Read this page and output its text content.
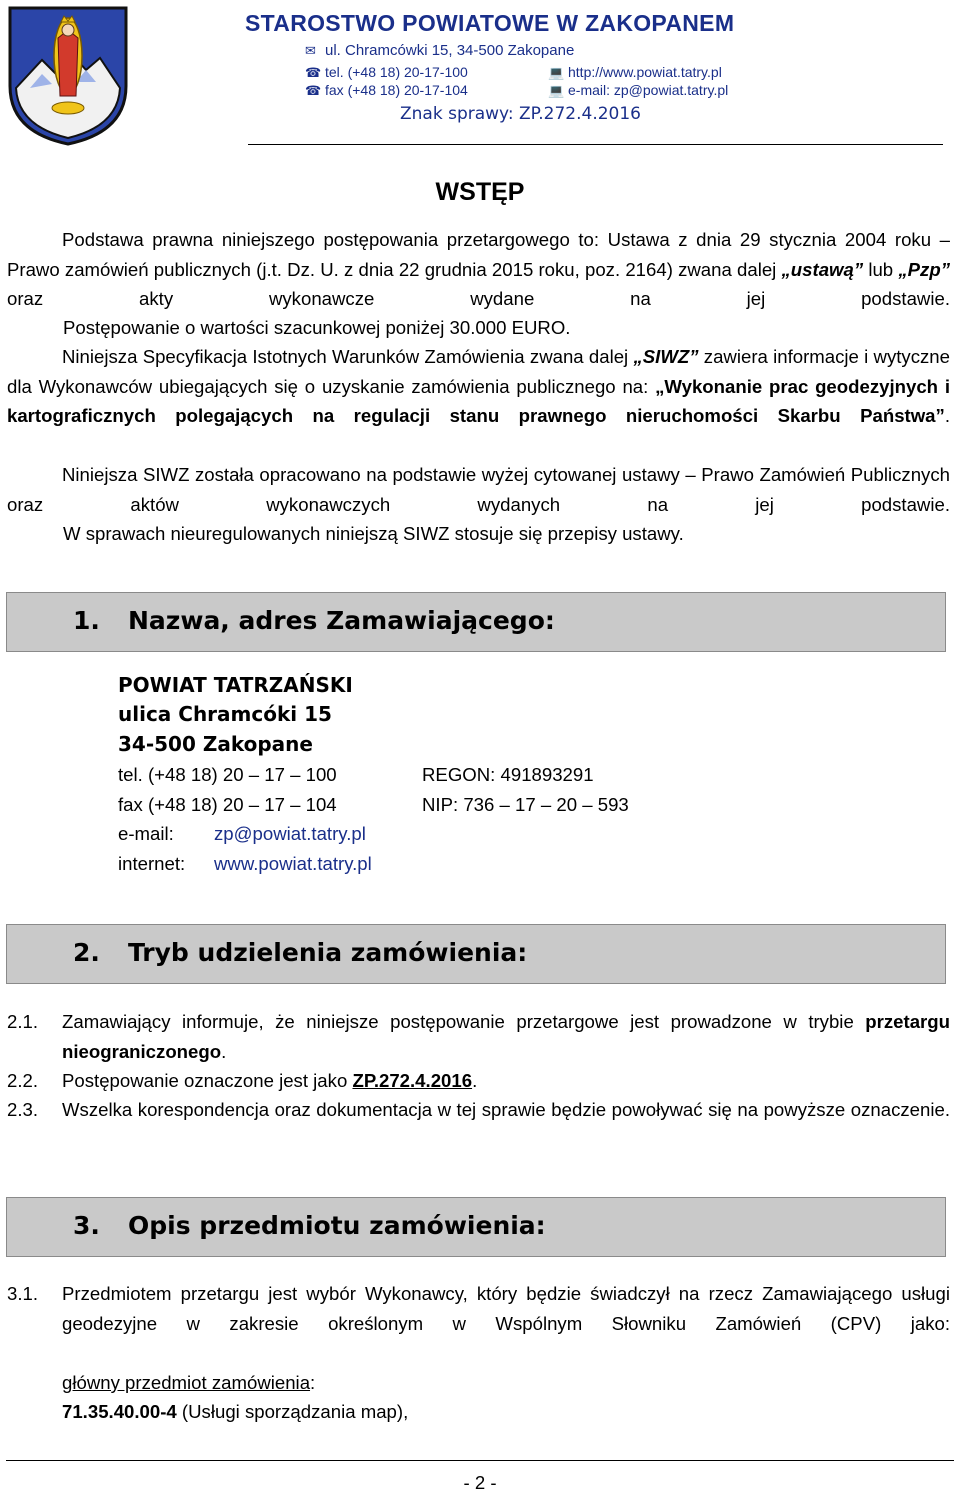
STAROSTWO POWIATOWE W ZAKOPANEM
✉ ul. Chramcówki 15, 34-500 Zakopane
☎ tel. (+48 18) 20-17-100
☎ fax (+48 18) 20-17-104
💻 http://www.powiat.tatry.pl
💻 e-mail: zp@powiat.tatry.pl
Znak sprawy: ZP.272.4.2016
WSTĘP
Podstawa prawna niniejszego postępowania przetargowego to: Ustawa z dnia 29 stycznia 2004 roku – Prawo zamówień publicznych (j.t. Dz. U. z dnia 22 grudnia 2015 roku, poz. 2164) zwana dalej „ustawą” lub „Pzp” oraz akty wykonawcze wydane na jej podstawie.
Postępowanie o wartości szacunkowej poniżej 30.000 EURO.
Niniejsza Specyfikacja Istotnych Warunków Zamówienia zwana dalej „SIWZ” zawiera informacje i wytyczne dla Wykonawców ubiegających się o uzyskanie zamówienia publicznego na: „Wykonanie prac geodezyjnych i kartograficznych polegających na regulacji stanu prawnego nieruchomości Skarbu Państwa”.
Niniejsza SIWZ została opracowano na podstawie wyżej cytowanej ustawy – Prawo Zamówień Publicznych oraz aktów wykonawczych wydanych na jej podstawie.
W sprawach nieuregulowanych niniejszą SIWZ stosuje się przepisy ustawy.
1. Nazwa, adres Zamawiającego:
POWIAT TATRZAŃSKI
ulica Chramcóki 15
34-500 Zakopane
tel. (+48 18) 20 – 17 – 100	REGON: 491893291
fax (+48 18) 20 – 17 – 104	NIP: 736 – 17 – 20 – 593
e-mail: zp@powiat.tatry.pl
internet: www.powiat.tatry.pl
2. Tryb udzielenia zamówienia:
2.1. Zamawiający informuje, że niniejsze postępowanie przetargowe jest prowadzone w trybie przetargu nieograniczonego.
2.2. Postępowanie oznaczone jest jako ZP.272.4.2016.
2.3. Wszelka korespondencja oraz dokumentacja w tej sprawie będzie powoływać się na powyższe oznaczenie.
3. Opis przedmiotu zamówienia:
3.1. Przedmiotem przetargu jest wybór Wykonawcy, który będzie świadczył na rzecz Zamawiającego usługi geodezyjne w zakresie określonym w Wspólnym Słowniku Zamówień (CPV) jako:
główny przedmiot zamówienia:
71.35.40.00-4 (Usługi sporządzania map),
- 2 -
